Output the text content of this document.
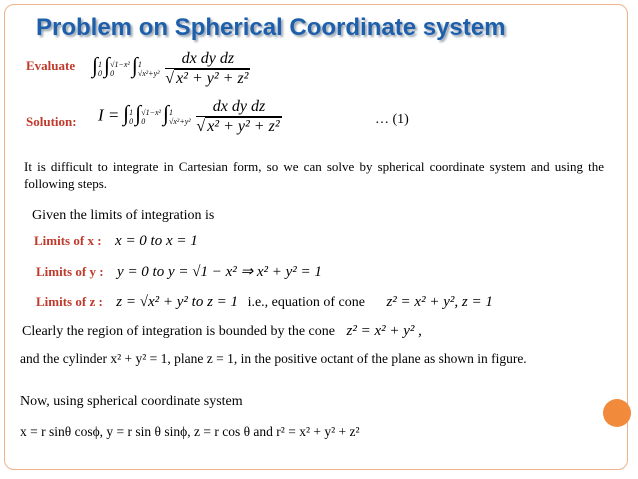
Problem on Spherical Coordinate system
Evaluate ∫1
0∫√1−x²
0 ∫1
$√x^2+y^2 \frac{\text{dx dy dz}}{\text{√ x² + y² + z²}}$
Solution: I = ∫1
0∫√1−x²
0 ∫1
$√x^2+y^2 \frac{\text{dx dy dz}}{\text{√ x² + y² + z²}}$	… (1)
It is difficult to integrate in Cartesian form, so we can solve by spherical coordinate system and using the following steps.
Given the limits of integration is
Limits of x : x = 0 to x = 1
Limits of y : y = 0 to y = √1 − x² ⇒ x² + y² = 1
Limits of z : z = √x² + y² to z = 1 i.e., equation of cone z² = x² + y², z = 1
Clearly the region of integration is bounded by the cone z² = x² + y² ,
and the cylinder x² + y² = 1, plane z = 1, in the positive octant of the plane as shown in figure.
Now, using spherical coordinate system
x = r sinθ cosϕ, y = r sin θ sinϕ, z = r cos θ and r² = x² + y² + z²
